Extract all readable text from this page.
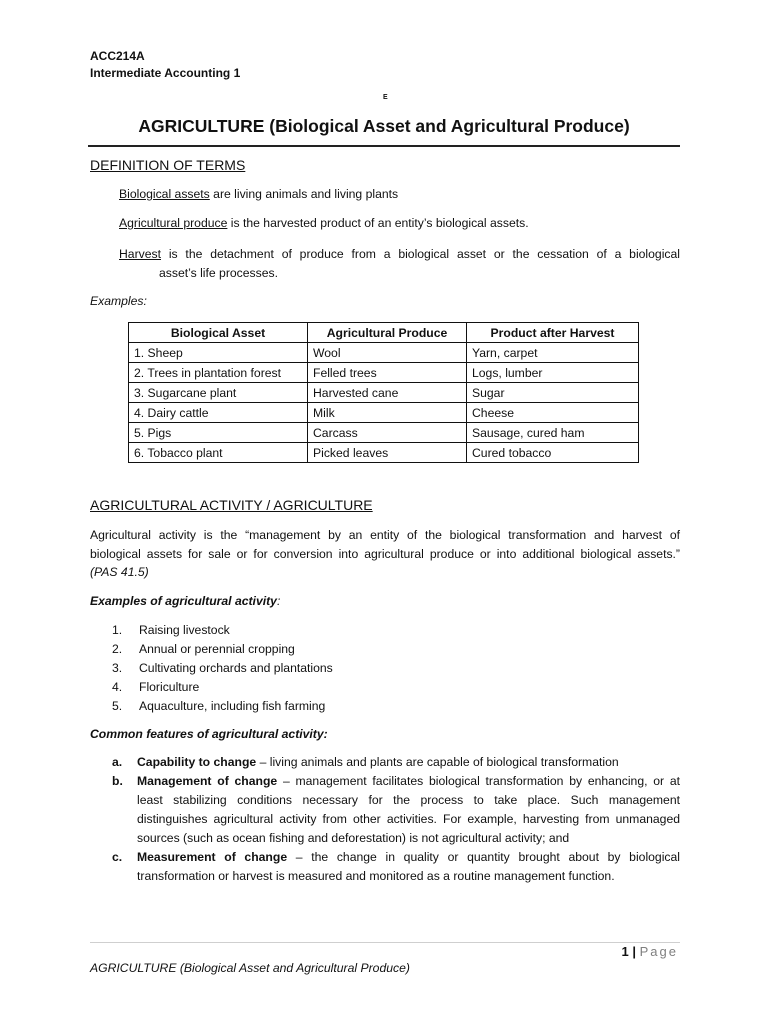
ACC214A
Intermediate Accounting 1
E
AGRICULTURE (Biological Asset and Agricultural Produce)
DEFINITION OF TERMS
Biological assets are living animals and living plants
Agricultural produce is the harvested product of an entity’s biological assets.
Harvest is the detachment of produce from a biological asset or the cessation of a biological
asset’s life processes.
Examples:
Biological Asset	Agricultural Produce	Product after Harvest
1. Sheep	Wool	Yarn, carpet
2. Trees in plantation forest	Felled trees	Logs, lumber
3. Sugarcane plant	Harvested cane	Sugar
4. Dairy cattle	Milk	Cheese
5. Pigs	Carcass	Sausage, cured ham
6. Tobacco plant	Picked leaves	Cured tobacco
AGRICULTURAL ACTIVITY / AGRICULTURE
Agricultural activity is the “management by an entity of the biological transformation and harvest of
biological assets for sale or for conversion into agricultural produce or into additional biological assets.”
(PAS 41.5)
Examples of agricultural activity:
1.	Raising livestock
2.	Annual or perennial cropping
3.	Cultivating orchards and plantations
4.	Floriculture
5.	Aquaculture, including fish farming
Common features of agricultural activity:
a.	Capability to change – living animals and plants are capable of biological transformation
b.	Management of change – management facilitates biological transformation by enhancing, or at
least stabilizing conditions necessary for the process to take place. Such management
distinguishes agricultural activity from other activities. For example, harvesting from unmanaged
sources (such as ocean fishing and deforestation) is not agricultural activity; and
c.	Measurement of change – the change in quality or quantity brought about by biological
transformation or harvest is measured and monitored as a routine management function.
1 | Page
AGRICULTURE (Biological Asset and Agricultural Produce)
